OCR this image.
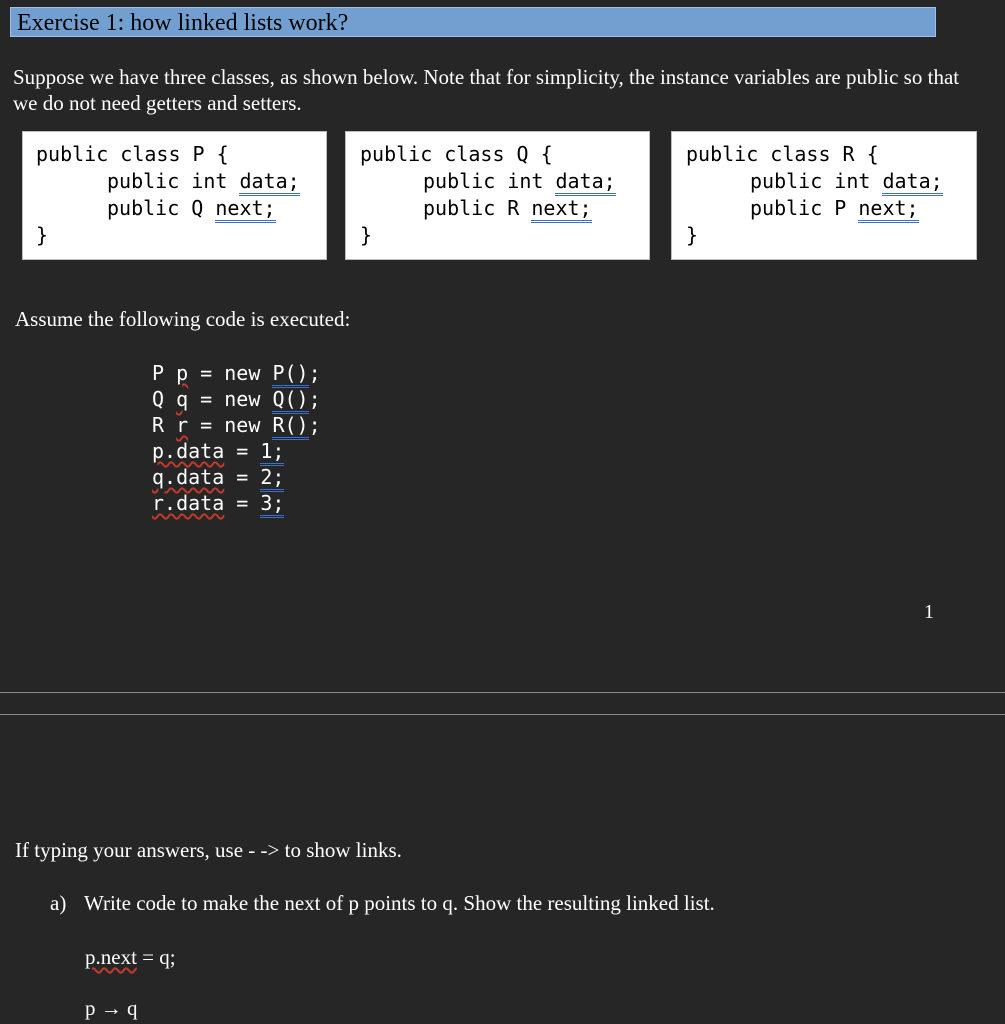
Exercise 1: how linked lists work?
Suppose we have three classes, as shown below. Note that for simplicity, the instance variables are public so that we do not need getters and setters.
public class P {
public int data;
public Q next;
}
public class Q {
public int data;
public R next;
}
public class R {
public int data;
public P next;
}
Assume the following code is executed:
P p = new P();
Q q = new Q();
R r = new R();
p.data = 1;
q.data = 2;
r.data = 3;
1
If typing your answers, use - -> to show links.
a) Write code to make the next of p points to q. Show the resulting linked list.
p.next = q;
p → q
